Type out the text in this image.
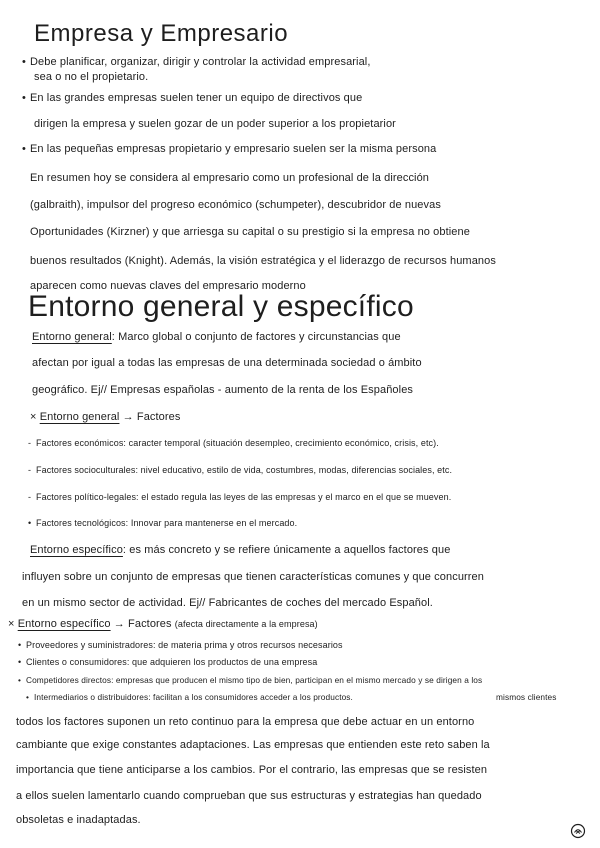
Empresa y Empresario
• Debe planificar, organizar, dirigir y controlar la actividad empresarial,
sea o no el propietario.
• En las grandes empresas suelen tener un equipo de directivos que
dirigen la empresa y suelen gozar de un poder superior a los propietarior
• En las pequeñas empresas propietario y empresario suelen ser la misma persona
En resumen hoy se considera al empresario como un profesional de la dirección
(galbraith), impulsor del progreso económico (schumpeter), descubridor de nuevas
Oportunidades (Kirzner) y que arriesga su capital o su prestigio si la empresa no obtiene
buenos resultados (Knight). Además, la visión estratégica y el liderazgo de recursos humanos
aparecen como nuevas claves del empresario moderno
Entorno general y específico
Entorno general: Marco global o conjunto de factores y circunstancias que
afectan por igual a todas las empresas de una determinada sociedad o ámbito
geográfico. Ej// Empresas españolas - aumento de la renta de los Españoles
× Entorno general → Factores
- Factores económicos: caracter temporal (situación desempleo, crecimiento económico, crisis, etc).
- Factores socioculturales: nivel educativo, estilo de vida, costumbres, modas, diferencias sociales, etc.
- Factores político-legales: el estado regula las leyes de las empresas y el marco en el que se mueven.
• Factores tecnológicos: Innovar para mantenerse en el mercado.
Entorno específico: es más concreto y se refiere únicamente a aquellos factores que
influyen sobre un conjunto de empresas que tienen características comunes y que concurren
en un mismo sector de actividad. Ej// Fabricantes de coches del mercado Español.
× Entorno específico → Factores (afecta directamente a la empresa)
• Proveedores y suministradores: de materia prima y otros recursos necesarios
• Clientes o consumidores: que adquieren los productos de una empresa
• Competidores directos: empresas que producen el mismo tipo de bien, participan en el mismo mercado y se dirigen a los
• Intermediarios o distribuidores: facilitan a los consumidores acceder a los productos.	mismos clientes
todos los factores suponen un reto continuo para la empresa que debe actuar en un entorno
cambiante que exige constantes adaptaciones. Las empresas que entienden este reto saben la
importancia que tiene anticiparse a los cambios. Por el contrario, las empresas que se resisten
a ellos suelen lamentarlo cuando comprueban que sus estructuras y estrategias han quedado
obsoletas e inadaptadas.
